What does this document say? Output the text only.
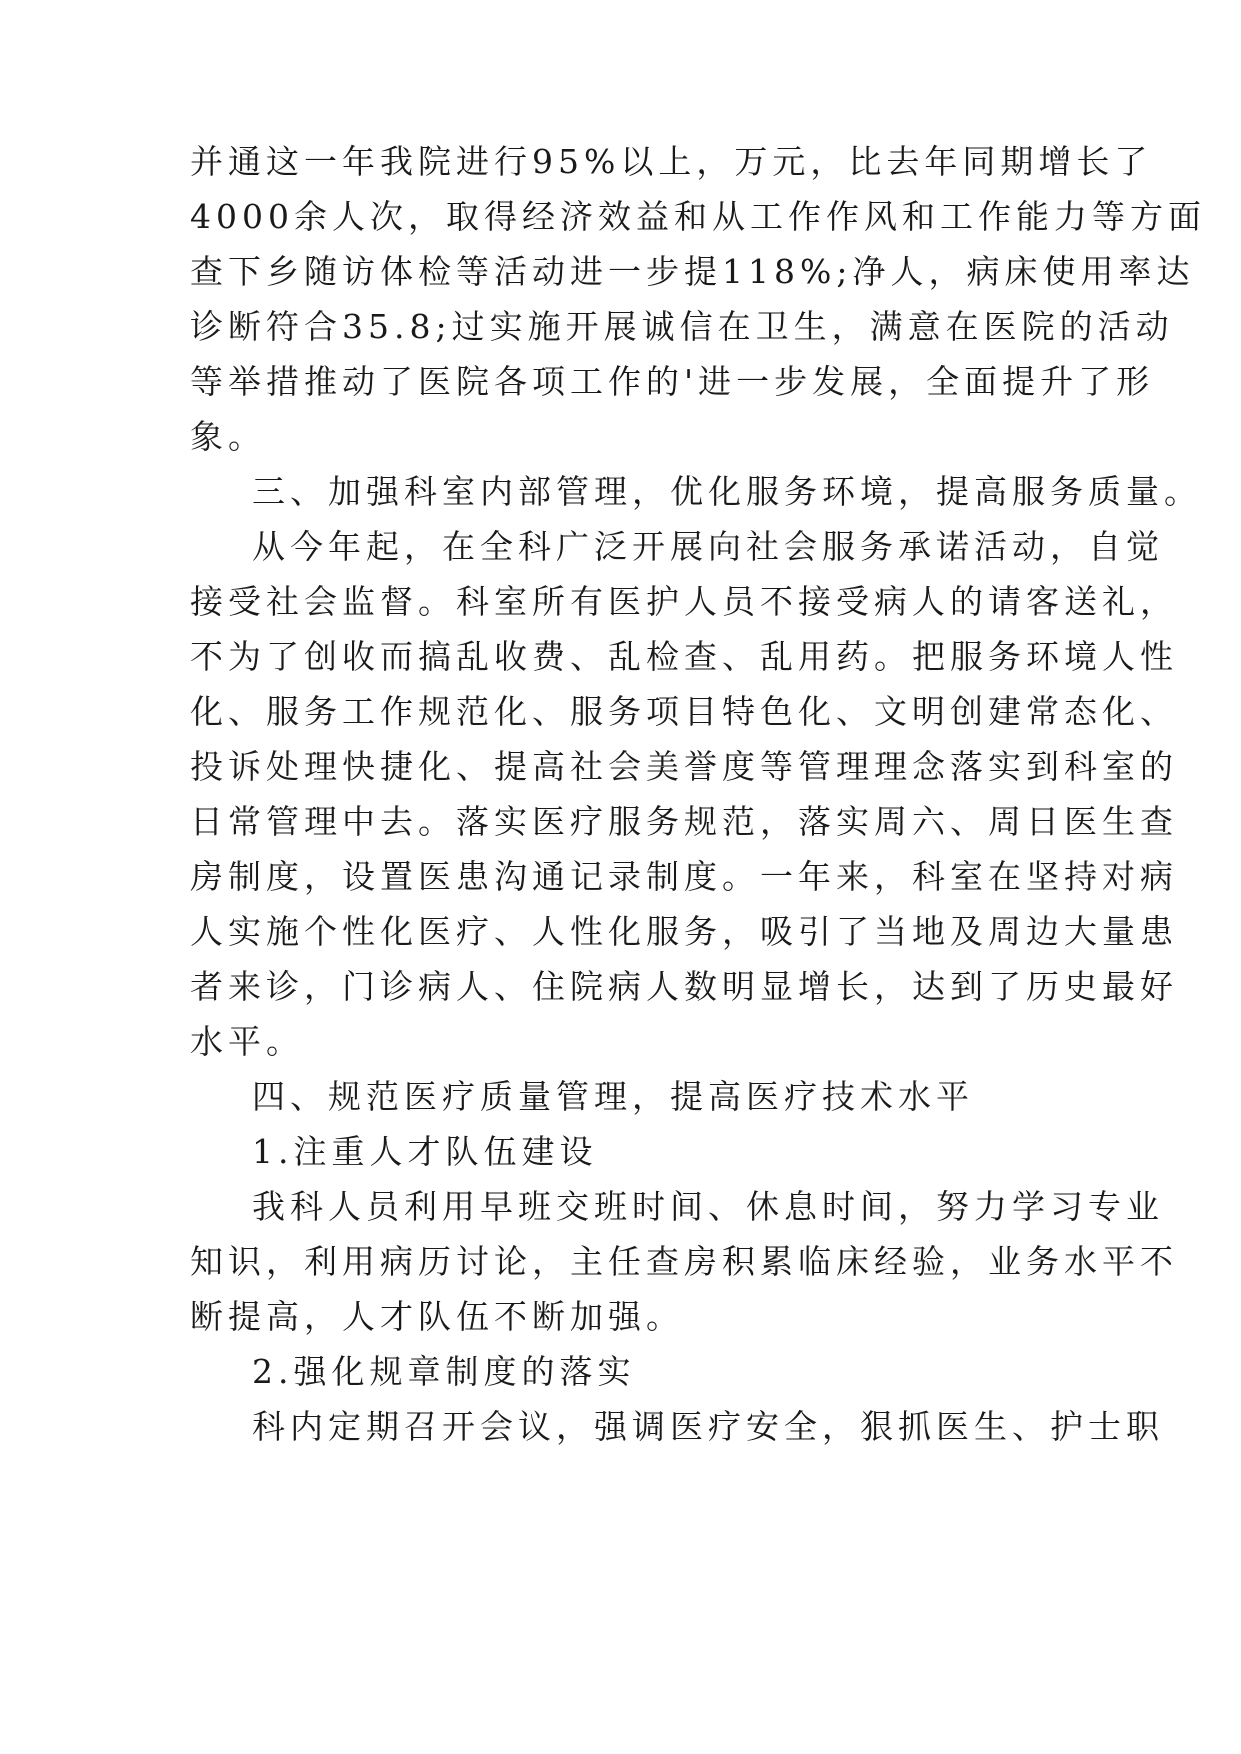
并通这一年我院进行95%以上，万元，比去年同期增长了
4000余人次，取得经济效益和从工作作风和工作能力等方面
查下乡随访体检等活动进一步提118%;净人，病床使用率达
诊断符合35.8;过实施开展诚信在卫生，满意在医院的活动
等举措推动了医院各项工作的'进一步发展，全面提升了形
象。
三、加强科室内部管理，优化服务环境，提高服务质量。
从今年起，在全科广泛开展向社会服务承诺活动，自觉
接受社会监督。科室所有医护人员不接受病人的请客送礼，
不为了创收而搞乱收费、乱检查、乱用药。把服务环境人性
化、服务工作规范化、服务项目特色化、文明创建常态化、
投诉处理快捷化、提高社会美誉度等管理理念落实到科室的
日常管理中去。落实医疗服务规范，落实周六、周日医生查
房制度，设置医患沟通记录制度。一年来，科室在坚持对病
人实施个性化医疗、人性化服务，吸引了当地及周边大量患
者来诊，门诊病人、住院病人数明显增长，达到了历史最好
水平。
四、规范医疗质量管理，提高医疗技术水平
1.注重人才队伍建设
我科人员利用早班交班时间、休息时间，努力学习专业
知识，利用病历讨论，主任查房积累临床经验，业务水平不
断提高，人才队伍不断加强。
2.强化规章制度的落实
科内定期召开会议，强调医疗安全，狠抓医生、护士职
